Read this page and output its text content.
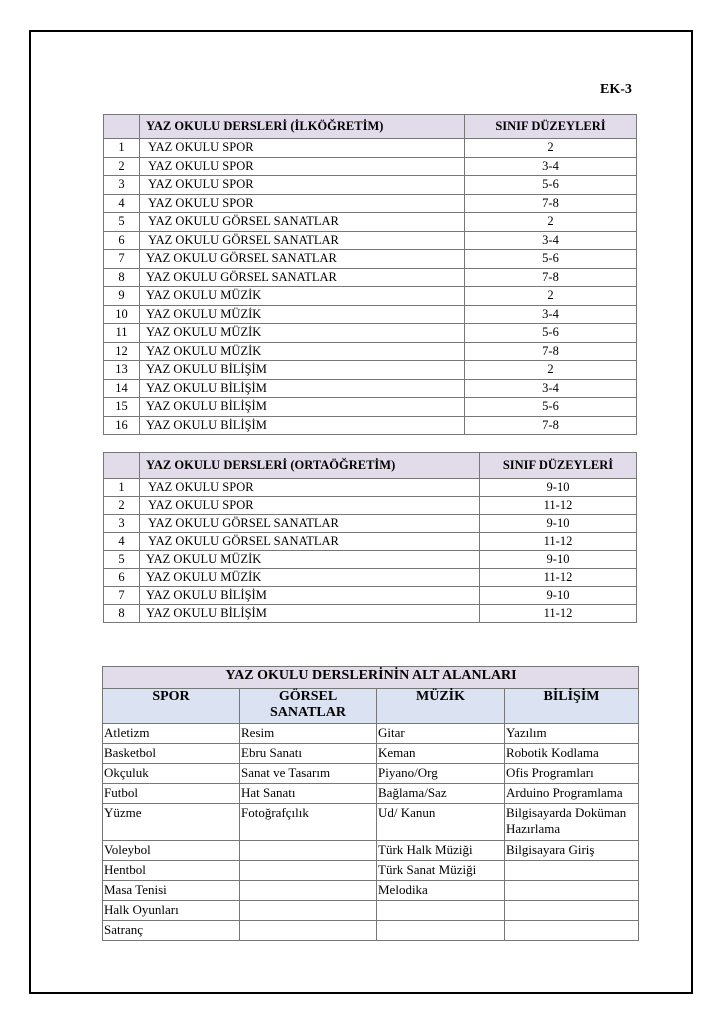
EK-3
	YAZ OKULU DERSLERİ (İLKÖĞRETİM)	SINIF DÜZEYLERİ
1	YAZ OKULU SPOR	2
2	YAZ OKULU SPOR	3-4
3	YAZ OKULU SPOR	5-6
4	YAZ OKULU SPOR	7-8
5	YAZ OKULU GÖRSEL SANATLAR	2
6	YAZ OKULU GÖRSEL SANATLAR	3-4
7	YAZ OKULU GÖRSEL SANATLAR	5-6
8	YAZ OKULU GÖRSEL SANATLAR	7-8
9	YAZ OKULU MÜZİK	2
10	YAZ OKULU MÜZİK	3-4
11	YAZ OKULU MÜZİK	5-6
12	YAZ OKULU MÜZİK	7-8
13	YAZ OKULU BİLİŞİM	2
14	YAZ OKULU BİLİŞİM	3-4
15	YAZ OKULU BİLİŞİM	5-6
16	YAZ OKULU BİLİŞİM	7-8
	YAZ OKULU DERSLERİ (ORTAÖĞRETİM)	SINIF DÜZEYLERİ
1	YAZ OKULU SPOR	9-10
2	YAZ OKULU SPOR	11-12
3	YAZ OKULU GÖRSEL SANATLAR	9-10
4	YAZ OKULU GÖRSEL SANATLAR	11-12
5	YAZ OKULU MÜZİK	9-10
6	YAZ OKULU MÜZİK	11-12
7	YAZ OKULU BİLİŞİM	9-10
8	YAZ OKULU BİLİŞİM	11-12
YAZ OKULU DERSLERİNİN ALT ALANLARI			
SPOR	GÖRSEL SANATLAR	MÜZİK	BİLİŞİM
Atletizm	Resim	Gitar	Yazılım
Basketbol	Ebru Sanatı	Keman	Robotik Kodlama
Okçuluk	Sanat ve Tasarım	Piyano/Org	Ofis Programları
Futbol	Hat Sanatı	Bağlama/Saz	Arduino Programlama
Yüzme	Fotoğrafçılık	Ud/ Kanun	Bilgisayarda Doküman Hazırlama
Voleybol		Türk Halk Müziği	Bilgisayara Giriş
Hentbol		Türk Sanat Müziği	
Masa Tenisi		Melodika	
Halk Oyunları			
Satranç			
